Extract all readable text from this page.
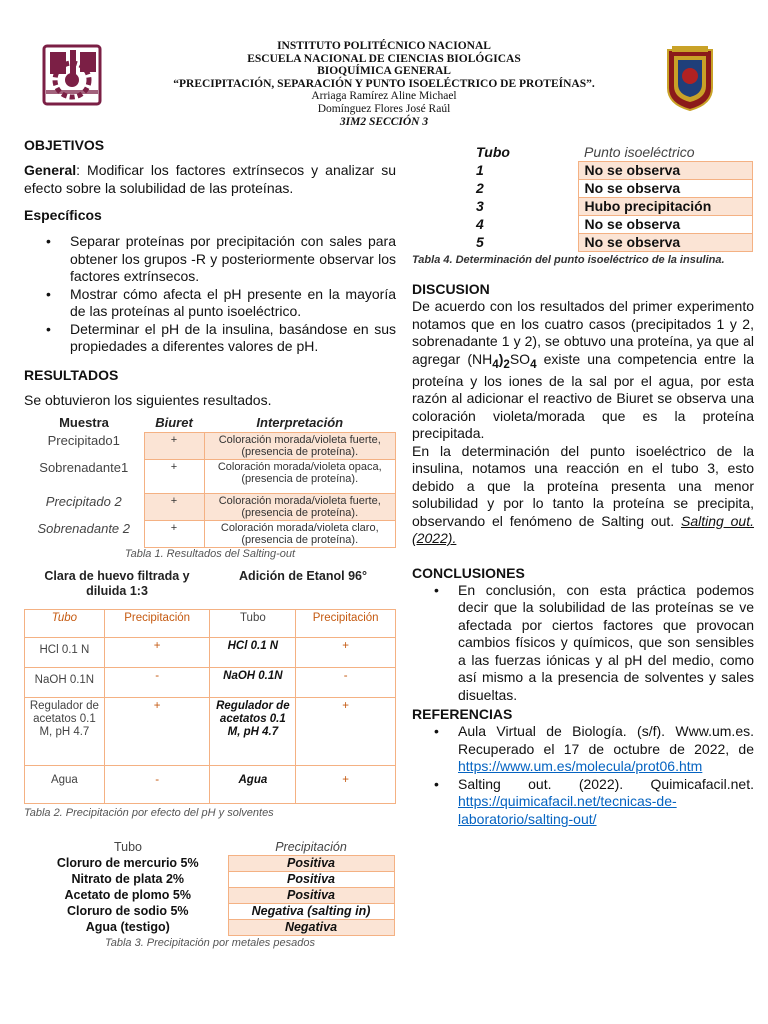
INSTITUTO POLITÉCNICO NACIONAL
ESCUELA NACIONAL DE CIENCIAS BIOLÓGICAS
BIOQUÍMICA GENERAL
“PRECIPITACIÓN, SEPARACIÓN Y PUNTO ISOELÉCTRICO DE PROTEÍNAS”.
Arriaga Ramírez Aline Michael
Domínguez Flores José Raúl
3IM2 SECCIÓN 3
OBJETIVOS

General: Modificar los factores extrínsecos y analizar su efecto sobre la solubilidad de las proteínas.

Específicos
• Separar proteínas por precipitación con sales para obtener los grupos -R y posteriormente observar los factores extrínsecos.
• Mostrar cómo afecta el pH presente en la mayoría de las proteínas al punto isoeléctrico.
• Determinar el pH de la insulina, basándose en sus propiedades a diferentes valores de pH.
RESULTADOS

Se obtuvieron los siguientes resultados.

Muestra	Biuret	Interpretación
Precipitado1	+	Coloración morada/violeta fuerte, (presencia de proteína).
Sobrenadante1	+	Coloración morada/violeta opaca, (presencia de proteína).
Precipitado 2	+	Coloración morada/violeta fuerte, (presencia de proteína).
Sobrenadante 2	+	Coloración morada/violeta claro, (presencia de proteína).
Tabla 1. Resultados del Salting-out
Clara de huevo filtrada y diluida 1:3
Adición de Etanol 96°
Tubo	Precipitación	Tubo	Precipitación
HCl 0.1 N	+	HCl 0.1 N	+
NaOH 0.1N	-	NaOH 0.1N	-
Regulador de acetatos 0.1 M, pH 4.7	+	Regulador de acetatos 0.1 M, pH 4.7	+
Agua	-	Agua	+
Tabla 2. Precipitación por efecto del pH y solventes
Tubo	Precipitación
Cloruro de mercurio 5%	Positiva
Nitrato de plata 2%	Positiva
Acetato de plomo 5%	Positiva
Cloruro de sodio 5%	Negativa (salting in)
Agua (testigo)	Negativa
Tabla 3. Precipitación por metales pesados
Tubo	Punto isoeléctrico
1	No se observa
2	No se observa
3	Hubo precipitación
4	No se observa
5	No se observa
Tabla 4. Determinación del punto isoeléctrico de la insulina.
DISCUSION

De acuerdo con los resultados del primer experimento notamos que en los cuatro casos (precipitados 1 y 2, sobrenadante 1 y 2), se obtuvo una proteína, ya que al agregar $(NH_4)_2SO_4$ existe una competencia entre la proteína y los iones de la sal por el agua, por esta razón al adicionar el reactivo de Biuret se observa una coloración violeta/morada que es la proteína precipitada.

En la determinación del punto isoeléctrico de la insulina, notamos una reacción en el tubo 3, esto debido a que la proteína presenta una menor solubilidad y por lo tanto la proteína se precipita, observando el fenómeno de Salting out. Salting out. (2022).

CONCLUSIONES
• En conclusión, con esta práctica podemos decir que la solubilidad de las proteínas se ve afectada por ciertos factores que provocan cambios físicos y químicos, que son sensibles a las fuerzas iónicas y al pH del medio, como así mismo a la presencia de solventes y sales disueltas.
REFERENCIAS
• Aula Virtual de Biología. (s/f). Www.um.es. Recuperado el 17 de octubre de 2022, de https://www.um.es/molecula/prot06.htm
• Salting out. (2022). Quimicafacil.net. https://quimicafacil.net/tecnicas-de-laboratorio/salting-out/
